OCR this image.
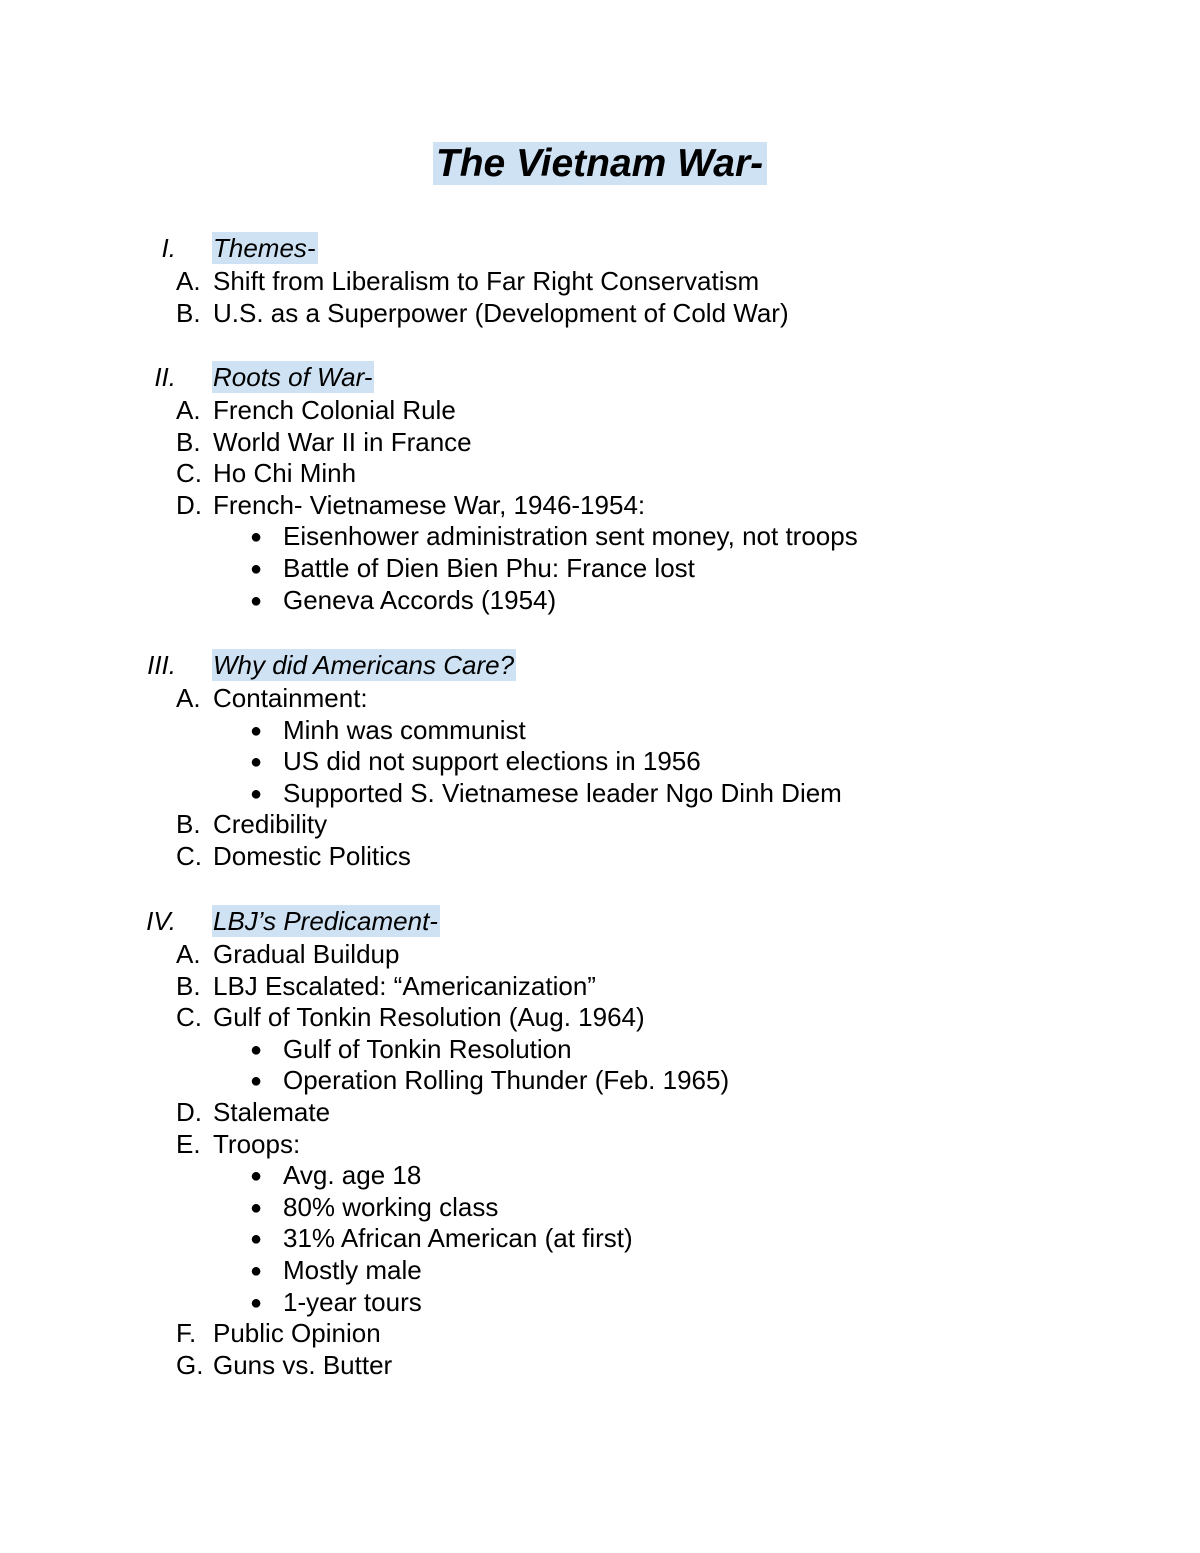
The Vietnam War-
I. Themes-
A. Shift from Liberalism to Far Right Conservatism
B. U.S. as a Superpower (Development of Cold War)
II. Roots of War-
A. French Colonial Rule
B. World War II in France
C. Ho Chi Minh
D. French- Vietnamese War, 1946-1954:
● Eisenhower administration sent money, not troops
● Battle of Dien Bien Phu: France lost
● Geneva Accords (1954)
III. Why did Americans Care?
A. Containment:
● Minh was communist
● US did not support elections in 1956
● Supported S. Vietnamese leader Ngo Dinh Diem
B. Credibility
C. Domestic Politics
IV. LBJ’s Predicament-
A. Gradual Buildup
B. LBJ Escalated: “Americanization”
C. Gulf of Tonkin Resolution (Aug. 1964)
● Gulf of Tonkin Resolution
● Operation Rolling Thunder (Feb. 1965)
D. Stalemate
E. Troops:
● Avg. age 18
● 80% working class
● 31% African American (at first)
● Mostly male
● 1-year tours
F. Public Opinion
G. Guns vs. Butter
